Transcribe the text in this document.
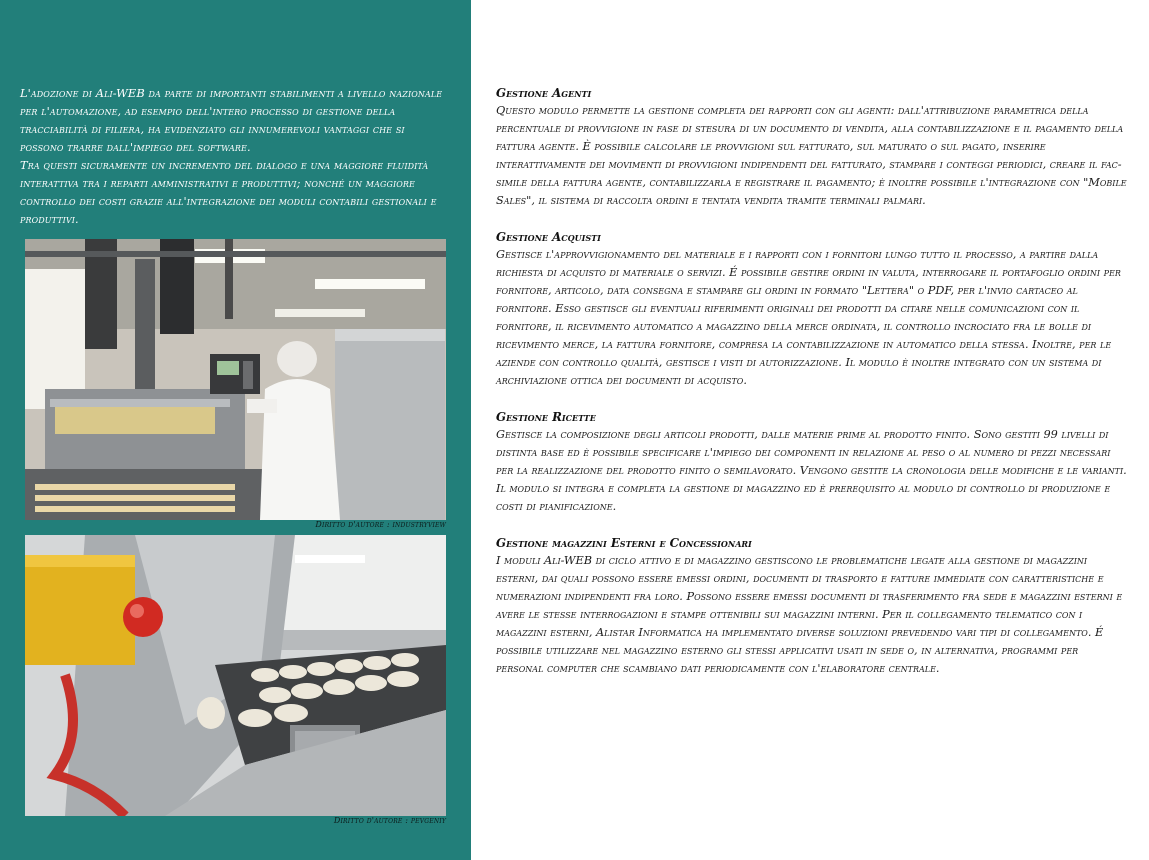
L'adozione di Ali-WEB da parte di importanti stabilimenti a livello nazionale per l'automazione, ad esempio dell'intero processo di gestione della tracciabilità di filiera, ha evidenziato gli innumerevoli vantaggi che si possono trarre dall'impiego del software.

Tra questi sicuramente un incremento del dialogo e una maggiore fluidità interattiva tra i reparti amministrativi e produttivi; nonché un maggiore controllo dei costi grazie all'integrazione dei moduli contabili gestionali e produttivi.

Diritto d'autore : industryview
Diritto d'autore : pevgeniy
Gestione Agenti

Questo modulo permette la gestione completa dei rapporti con gli agenti: dall'attribuzione parametrica della percentuale di provvigione in fase di stesura di un documento di vendita, alla contabilizzazione e il pagamento della fattura agente. È possibile calcolare le provvigioni sul fatturato, sul maturato o sul pagato, inserire interattivamente dei movimenti di provvigioni indipendenti del fatturato, stampare i conteggi periodici, creare il fac-simile della fattura agente, contabilizzarla e registrare il pagamento; è inoltre possibile l'integrazione con "Mobile Sales", il sistema di raccolta ordini e tentata vendita tramite terminali palmari.

Gestione Acquisti

Gestisce l'approvvigionamento del materiale e i rapporti con i fornitori lungo tutto il processo, a partire dalla richiesta di acquisto di materiale o servizi. É possibile gestire ordini in valuta, interrogare il portafoglio ordini per fornitore, articolo, data consegna e stampare gli ordini in formato "Lettera" o PDF, per l'invio cartaceo al fornitore. Esso gestisce gli eventuali riferimenti originali dei prodotti da citare nelle comunicazioni con il fornitore, il ricevimento automatico a magazzino della merce ordinata, il controllo incrociato fra le bolle di ricevimento merce, la fattura fornitore, compresa la contabilizzazione in automatico della stessa. Inoltre, per le aziende con controllo qualità, gestisce i visti di autorizzazione. Il modulo è inoltre integrato con un sistema di archiviazione ottica dei documenti di acquisto.

Gestione Ricette

Gestisce la composizione degli articoli prodotti, dalle materie prime al prodotto finito. Sono gestiti 99 livelli di distinta base ed è possibile specificare l'impiego dei componenti in relazione al peso o al numero di pezzi necessari per la realizzazione del prodotto finito o semilavorato. Vengono gestite la cronologia delle modifiche e le varianti. Il modulo si integra e completa la gestione di magazzino ed è prerequisito al modulo di controllo di produzione e costi di pianificazione.

Gestione magazzini Esterni e Concessionari

I moduli Ali-WEB di ciclo attivo e di magazzino gestiscono le problematiche legate alla gestione di magazzini esterni, dai quali possono essere emessi ordini, documenti di trasporto e fatture immediate con caratteristiche e numerazioni indipendenti fra loro. Possono essere emessi documenti di trasferimento fra sede e magazzini esterni e avere le stesse interrogazioni e stampe ottenibili sui magazzini interni. Per il collegamento telematico con i magazzini esterni, Alistar Informatica ha implementato diverse soluzioni prevedendo vari tipi di collegamento. É possibile utilizzare nel magazzino esterno gli stessi applicativi usati in sede o, in alternativa, programmi per personal computer che scambiano dati periodicamente con l'elaboratore centrale.
